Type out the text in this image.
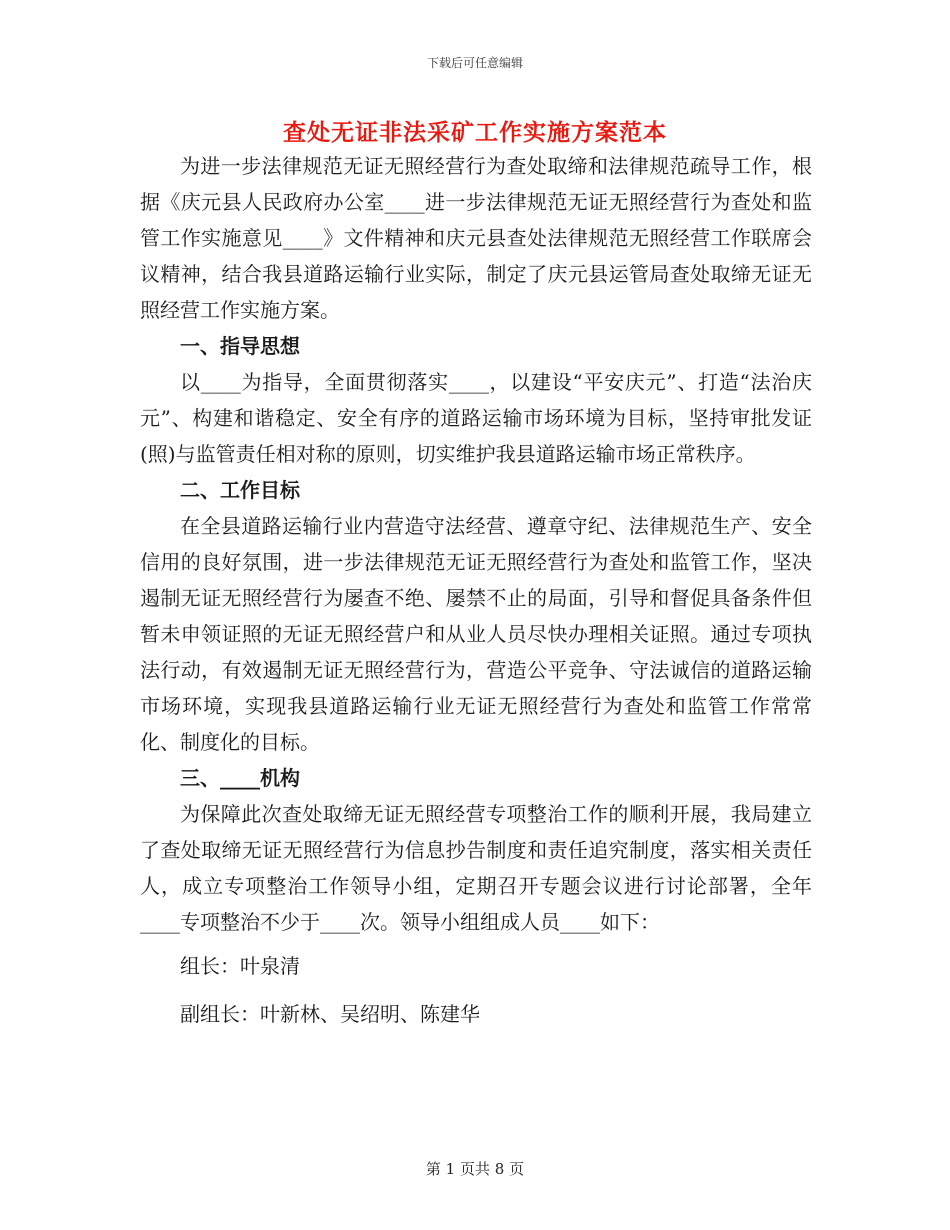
下载后可任意编辑
查处无证非法采矿工作实施方案范本

为进一步法律规范无证无照经营行为查处取缔和法律规范疏导工作，根据《庆元县人民政府办公室____进一步法律规范无证无照经营行为查处和监管工作实施意见____》文件精神和庆元县查处法律规范无照经营工作联席会议精神，结合我县道路运输行业实际，制定了庆元县运管局查处取缔无证无照经营工作实施方案。

一、指导思想

以____为指导，全面贯彻落实____，以建设“平安庆元”、打造“法治庆元”、构建和谐稳定、安全有序的道路运输市场环境为目标，坚持审批发证(照)与监管责任相对称的原则，切实维护我县道路运输市场正常秩序。

二、工作目标

在全县道路运输行业内营造守法经营、遵章守纪、法律规范生产、安全信用的良好氛围，进一步法律规范无证无照经营行为查处和监管工作，坚决遏制无证无照经营行为屡查不绝、屡禁不止的局面，引导和督促具备条件但暂未申领证照的无证无照经营户和从业人员尽快办理相关证照。通过专项执法行动，有效遏制无证无照经营行为，营造公平竞争、守法诚信的道路运输市场环境，实现我县道路运输行业无证无照经营行为查处和监管工作常常化、制度化的目标。

三、____机构

为保障此次查处取缔无证无照经营专项整治工作的顺利开展，我局建立了查处取缔无证无照经营行为信息抄告制度和责任追究制度，落实相关责任人，成立专项整治工作领导小组，定期召开专题会议进行讨论部署，全年____专项整治不少于____次。领导小组组成人员____如下：

组长：叶泉清

副组长：叶新林、吴绍明、陈建华

第 1 页共 8 页
